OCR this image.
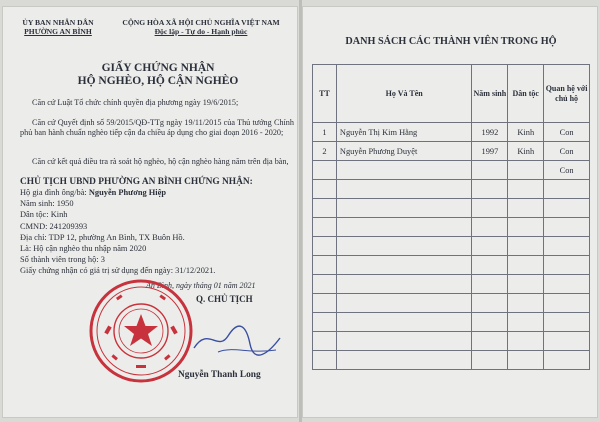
ỦY BAN NHÂN DÂN
PHƯỜNG AN BÌNH
CỘNG HÒA XÃ HỘI CHỦ NGHĨA VIỆT NAM
Độc lập - Tự do - Hạnh phúc
GIẤY CHỨNG NHẬN
HỘ NGHÈO, HỘ CẬN NGHÈO
Căn cứ Luật Tổ chức chính quyền địa phương ngày 19/6/2015;
Căn cứ Quyết định số 59/2015/QĐ-TTg ngày 19/11/2015 của Thủ tướng Chính phủ ban hành chuẩn nghèo tiếp cận đa chiều áp dụng cho giai đoạn 2016 - 2020;
Căn cứ kết quả điều tra rà soát hộ nghèo, hộ cận nghèo hàng năm trên địa bàn,
CHỦ TỊCH UBND PHƯỜNG AN BÌNH CHỨNG NHẬN:
Hộ gia đình ông/bà: Nguyễn Phương Hiệp
Năm sinh: 1950
Dân tộc: Kinh
CMND: 241209393
Địa chỉ: TDP 12, phường An Bình, TX Buôn Hồ.
Là: Hộ cận nghèo thu nhập năm 2020
Số thành viên trong hộ: 3
Giấy chứng nhận có giá trị sử dụng đến ngày: 31/12/2021.
An Bình, ngày tháng 01 năm 2021
Q. CHỦ TỊCH
Nguyễn Thanh Long
DANH SÁCH CÁC THÀNH VIÊN TRONG HỘ
TT	Họ Và Tên	Năm sinh	Dân tộc	Quan hệ với chủ hộ
1	Nguyễn Thị Kim Hằng	1992	Kinh	Con
2	Nguyễn Phương Duyệt	1997	Kinh	Con
				Con
